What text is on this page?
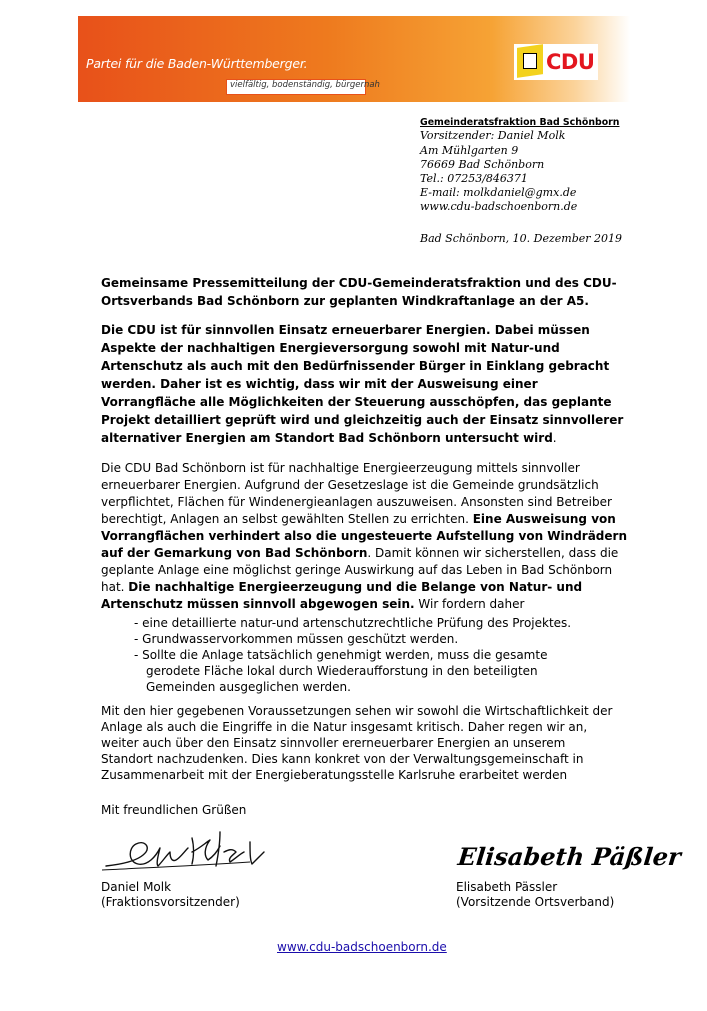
Partei für die Baden-Württemberger.
vielfältig, bodenständig, bürgernah
CDU
Gemeinderatsfraktion Bad Schönborn
Vorsitzender: Daniel Molk
Am Mühlgarten 9
76669 Bad Schönborn
Tel.: 07253/846371
E-mail: molkdaniel@gmx.de
www.cdu-badschoenborn.de
Bad Schönborn, 10. Dezember 2019
Gemeinsame Pressemitteilung der CDU-Gemeinderatsfraktion und des CDU-
Ortsverbands Bad Schönborn zur geplanten Windkraftanlage an der A5.
Die CDU ist für sinnvollen Einsatz erneuerbarer Energien. Dabei müssen
Aspekte der nachhaltigen Energieversorgung sowohl mit Natur-und
Artenschutz als auch mit den Bedürfnissender Bürger in Einklang gebracht
werden. Daher ist es wichtig, dass wir mit der Ausweisung einer
Vorrangfläche alle Möglichkeiten der Steuerung ausschöpfen, das geplante
Projekt detailliert geprüft wird und gleichzeitig auch der Einsatz sinnvollerer
alternativer Energien am Standort Bad Schönborn untersucht wird.
Die CDU Bad Schönborn ist für nachhaltige Energieerzeugung mittels sinnvoller
erneuerbarer Energien. Aufgrund der Gesetzeslage ist die Gemeinde grundsätzlich
verpflichtet, Flächen für Windenergieanlagen auszuweisen. Ansonsten sind Betreiber
berechtigt, Anlagen an selbst gewählten Stellen zu errichten. Eine Ausweisung von
Vorrangflächen verhindert also die ungesteuerte Aufstellung von Windrädern
auf der Gemarkung von Bad Schönborn. Damit können wir sicherstellen, dass die
geplante Anlage eine möglichst geringe Auswirkung auf das Leben in Bad Schönborn
hat. Die nachhaltige Energieerzeugung und die Belange von Natur- und
Artenschutz müssen sinnvoll abgewogen sein. Wir fordern daher
- eine detaillierte natur-und artenschutzrechtliche Prüfung des Projektes.
- Grundwasservorkommen müssen geschützt werden.
- Sollte die Anlage tatsächlich genehmigt werden, muss die gesamte
gerodete Fläche lokal durch Wiederaufforstung in den beteiligten
Gemeinden ausgeglichen werden.
Mit den hier gegebenen Voraussetzungen sehen wir sowohl die Wirtschaftlichkeit der
Anlage als auch die Eingriffe in die Natur insgesamt kritisch. Daher regen wir an,
weiter auch über den Einsatz sinnvoller ererneuerbarer Energien an unserem
Standort nachzudenken. Dies kann konkret von der Verwaltungsgemeinschaft in
Zusammenarbeit mit der Energieberatungsstelle Karlsruhe erarbeitet werden
Mit freundlichen Grüßen
Elisabeth Päßler
Daniel Molk
(Fraktionsvorsitzender)
Elisabeth Pässler
(Vorsitzende Ortsverband)
www.cdu-badschoenborn.de
